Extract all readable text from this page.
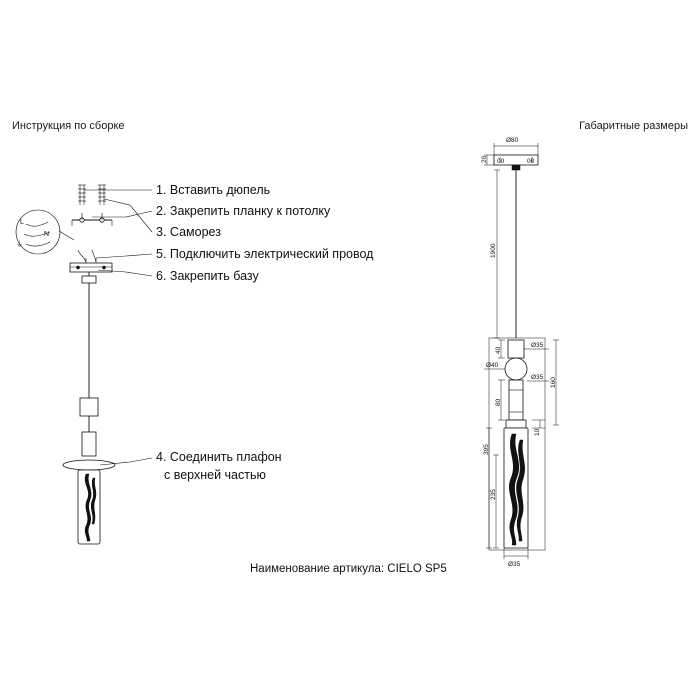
Инструкция по сборке	Габаритные размеры
1. Вставить дюпель
2. Закрепить планку к потолку
3. Саморез
5. Подключить электрический провод
6. Закрепить базу
4. Соединить плафон
с верхней частью
Наименование артикула: CIELO SP5
L
N
⏚
Ø80
20 00	00
1900
40
Ø35
Ø40
Ø35
80
160
10
395
235
Ø35
